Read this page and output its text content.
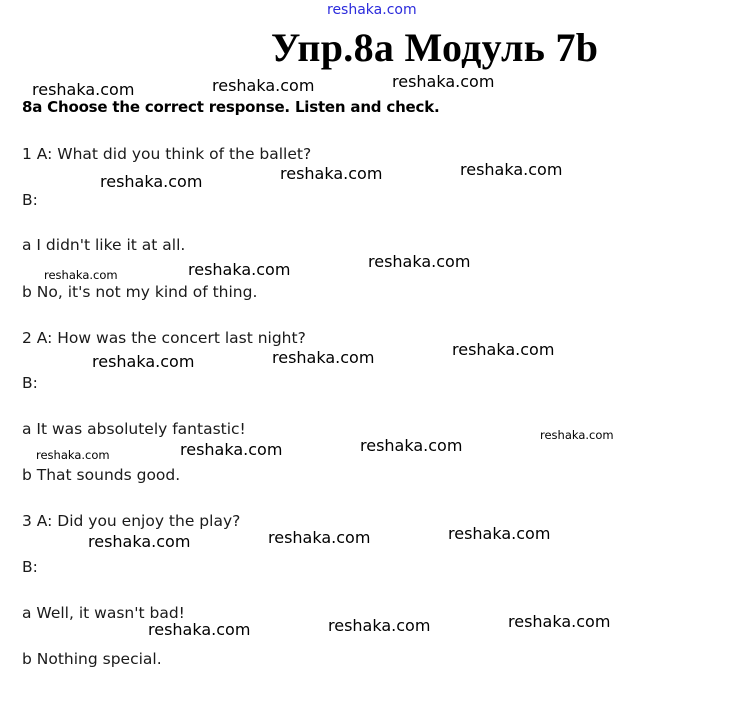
reshaka.com
Упр.8a Модуль 7b
reshaka.com	reshaka.com	reshaka.com
8a Choose the correct response. Listen and check.
1 A: What did you think of the ballet?
reshaka.com	reshaka.com	reshaka.com
B:
a I didn't like it at all.
reshaka.com	reshaka.com	reshaka.com
b No, it's not my kind of thing.
2 A: How was the concert last night?
reshaka.com	reshaka.com	reshaka.com
B:
a It was absolutely fantastic!	reshaka.com
reshaka.com
reshaka.com
reshaka.com
b That sounds good.
3 A: Did you enjoy the play?
reshaka.com	reshaka.com	reshaka.com
B:
a Well, it wasn't bad!
reshaka.com	reshaka.com	reshaka.com
b Nothing special.
